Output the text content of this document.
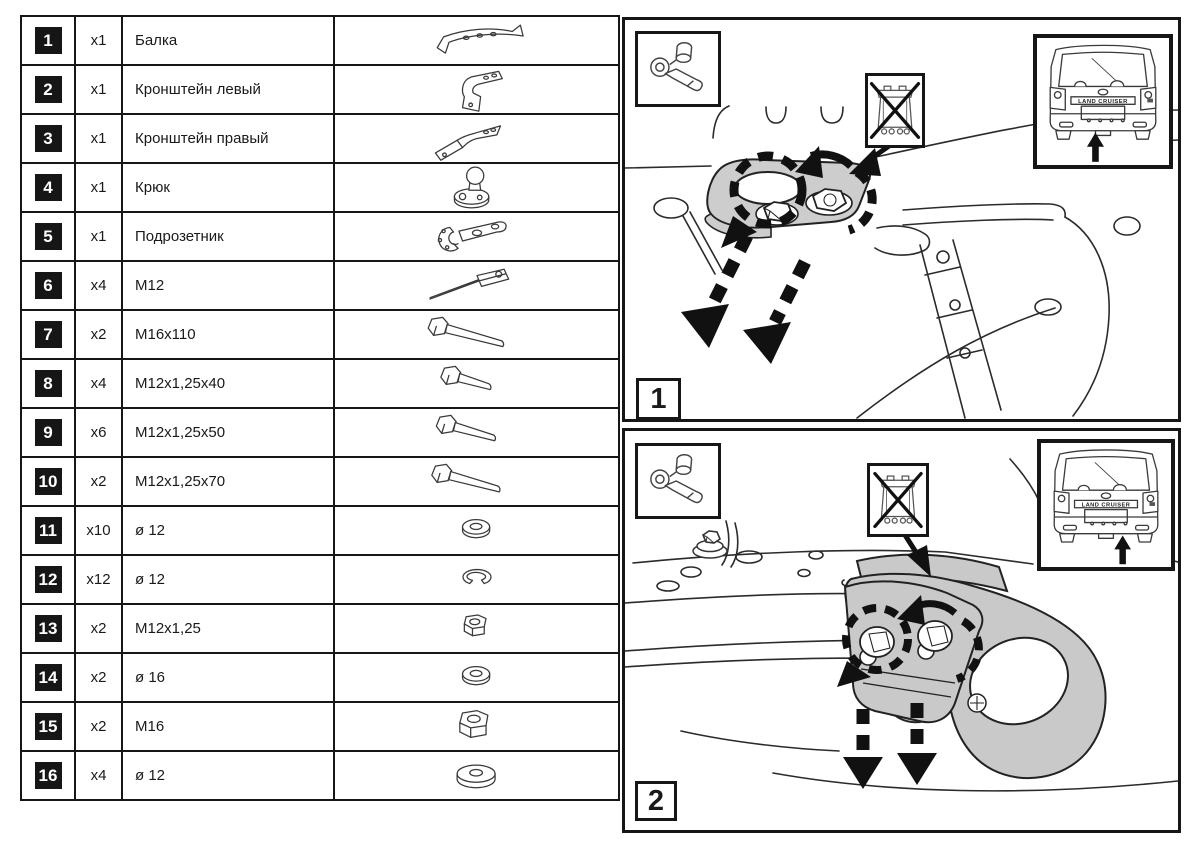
1	x1	Балка	

2	x1	Кронштейн левый	

3	x1	Кронштейн правый	

4	x1	Крюк	

5	x1	Подрозетник	

6	x4	M12	

7	x2	M16x110	

8	x4	M12x1,25x40	

9	x6	M12x1,25x50	

10	x2	M12x1,25x70	

11	x10	ø 12	

12	x12	ø 12	

13	x2	M12x1,25	

14	x2	ø 16	

15	x2	M16	

16	x4	ø 12	
LAND CRUISER
1
LAND CRUISER
2
